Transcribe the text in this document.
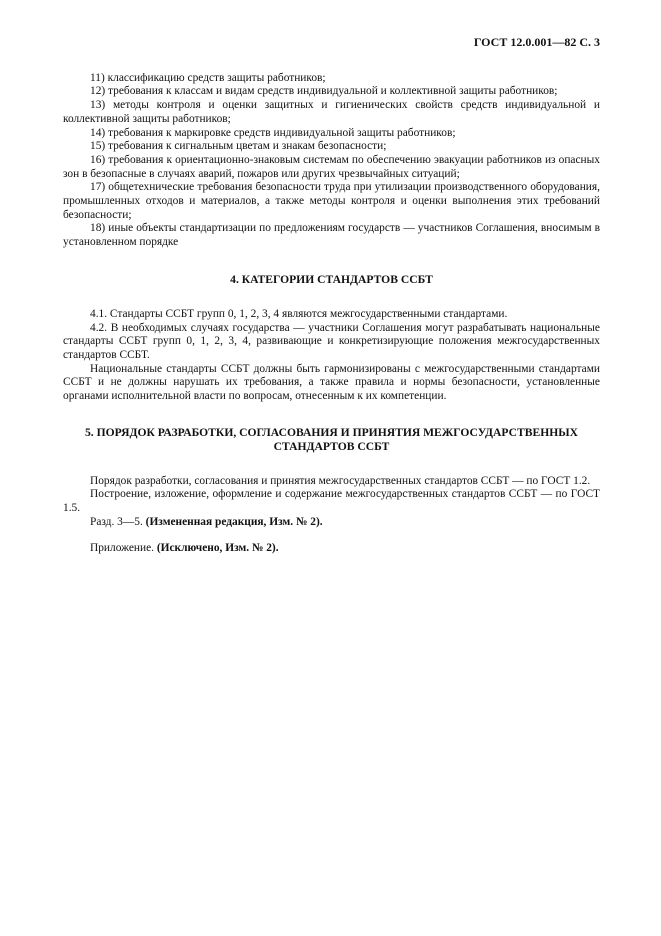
ГОСТ 12.0.001—82 С. 3

11) классификацию средств защиты работников;

12) требования к классам и видам средств индивидуальной и коллективной защиты работников;

13) методы контроля и оценки защитных и гигиенических свойств средств индивидуальной и коллективной защиты работников;

14) требования к маркировке средств индивидуальной защиты работников;

15) требования к сигнальным цветам и знакам безопасности;

16) требования к ориентационно-знаковым системам по обеспечению эвакуации работников из опасных зон в безопасные в случаях аварий, пожаров или других чрезвычайных ситуаций;

17) общетехнические требования безопасности труда при утилизации производственного оборудования, промышленных отходов и материалов, а также методы контроля и оценки выполнения этих требований безопасности;

18) иные объекты стандартизации по предложениям государств — участников Соглашения, вносимым в установленном порядке

4. КАТЕГОРИИ СТАНДАРТОВ ССБТ

4.1. Стандарты ССБТ групп 0, 1, 2, 3, 4 являются межгосударственными стандартами.

4.2. В необходимых случаях государства — участники Соглашения могут разрабатывать национальные стандарты ССБТ групп 0, 1, 2, 3, 4, развивающие и конкретизирующие положения межгосударственных стандартов ССБТ.

Национальные стандарты ССБТ должны быть гармонизированы с межгосударственными стандартами ССБТ и не должны нарушать их требования, а также правила и нормы безопасности, установленные органами исполнительной власти по вопросам, отнесенным к их компетенции.

5. ПОРЯДОК РАЗРАБОТКИ, СОГЛАСОВАНИЯ И ПРИНЯТИЯ МЕЖГОСУДАРСТВЕННЫХ СТАНДАРТОВ ССБТ

Порядок разработки, согласования и принятия межгосударственных стандартов ССБТ — по ГОСТ 1.2.

Построение, изложение, оформление и содержание межгосударственных стандартов ССБТ — по ГОСТ 1.5.

Разд. 3—5. (Измененная редакция, Изм. № 2).

Приложение. (Исключено, Изм. № 2).
